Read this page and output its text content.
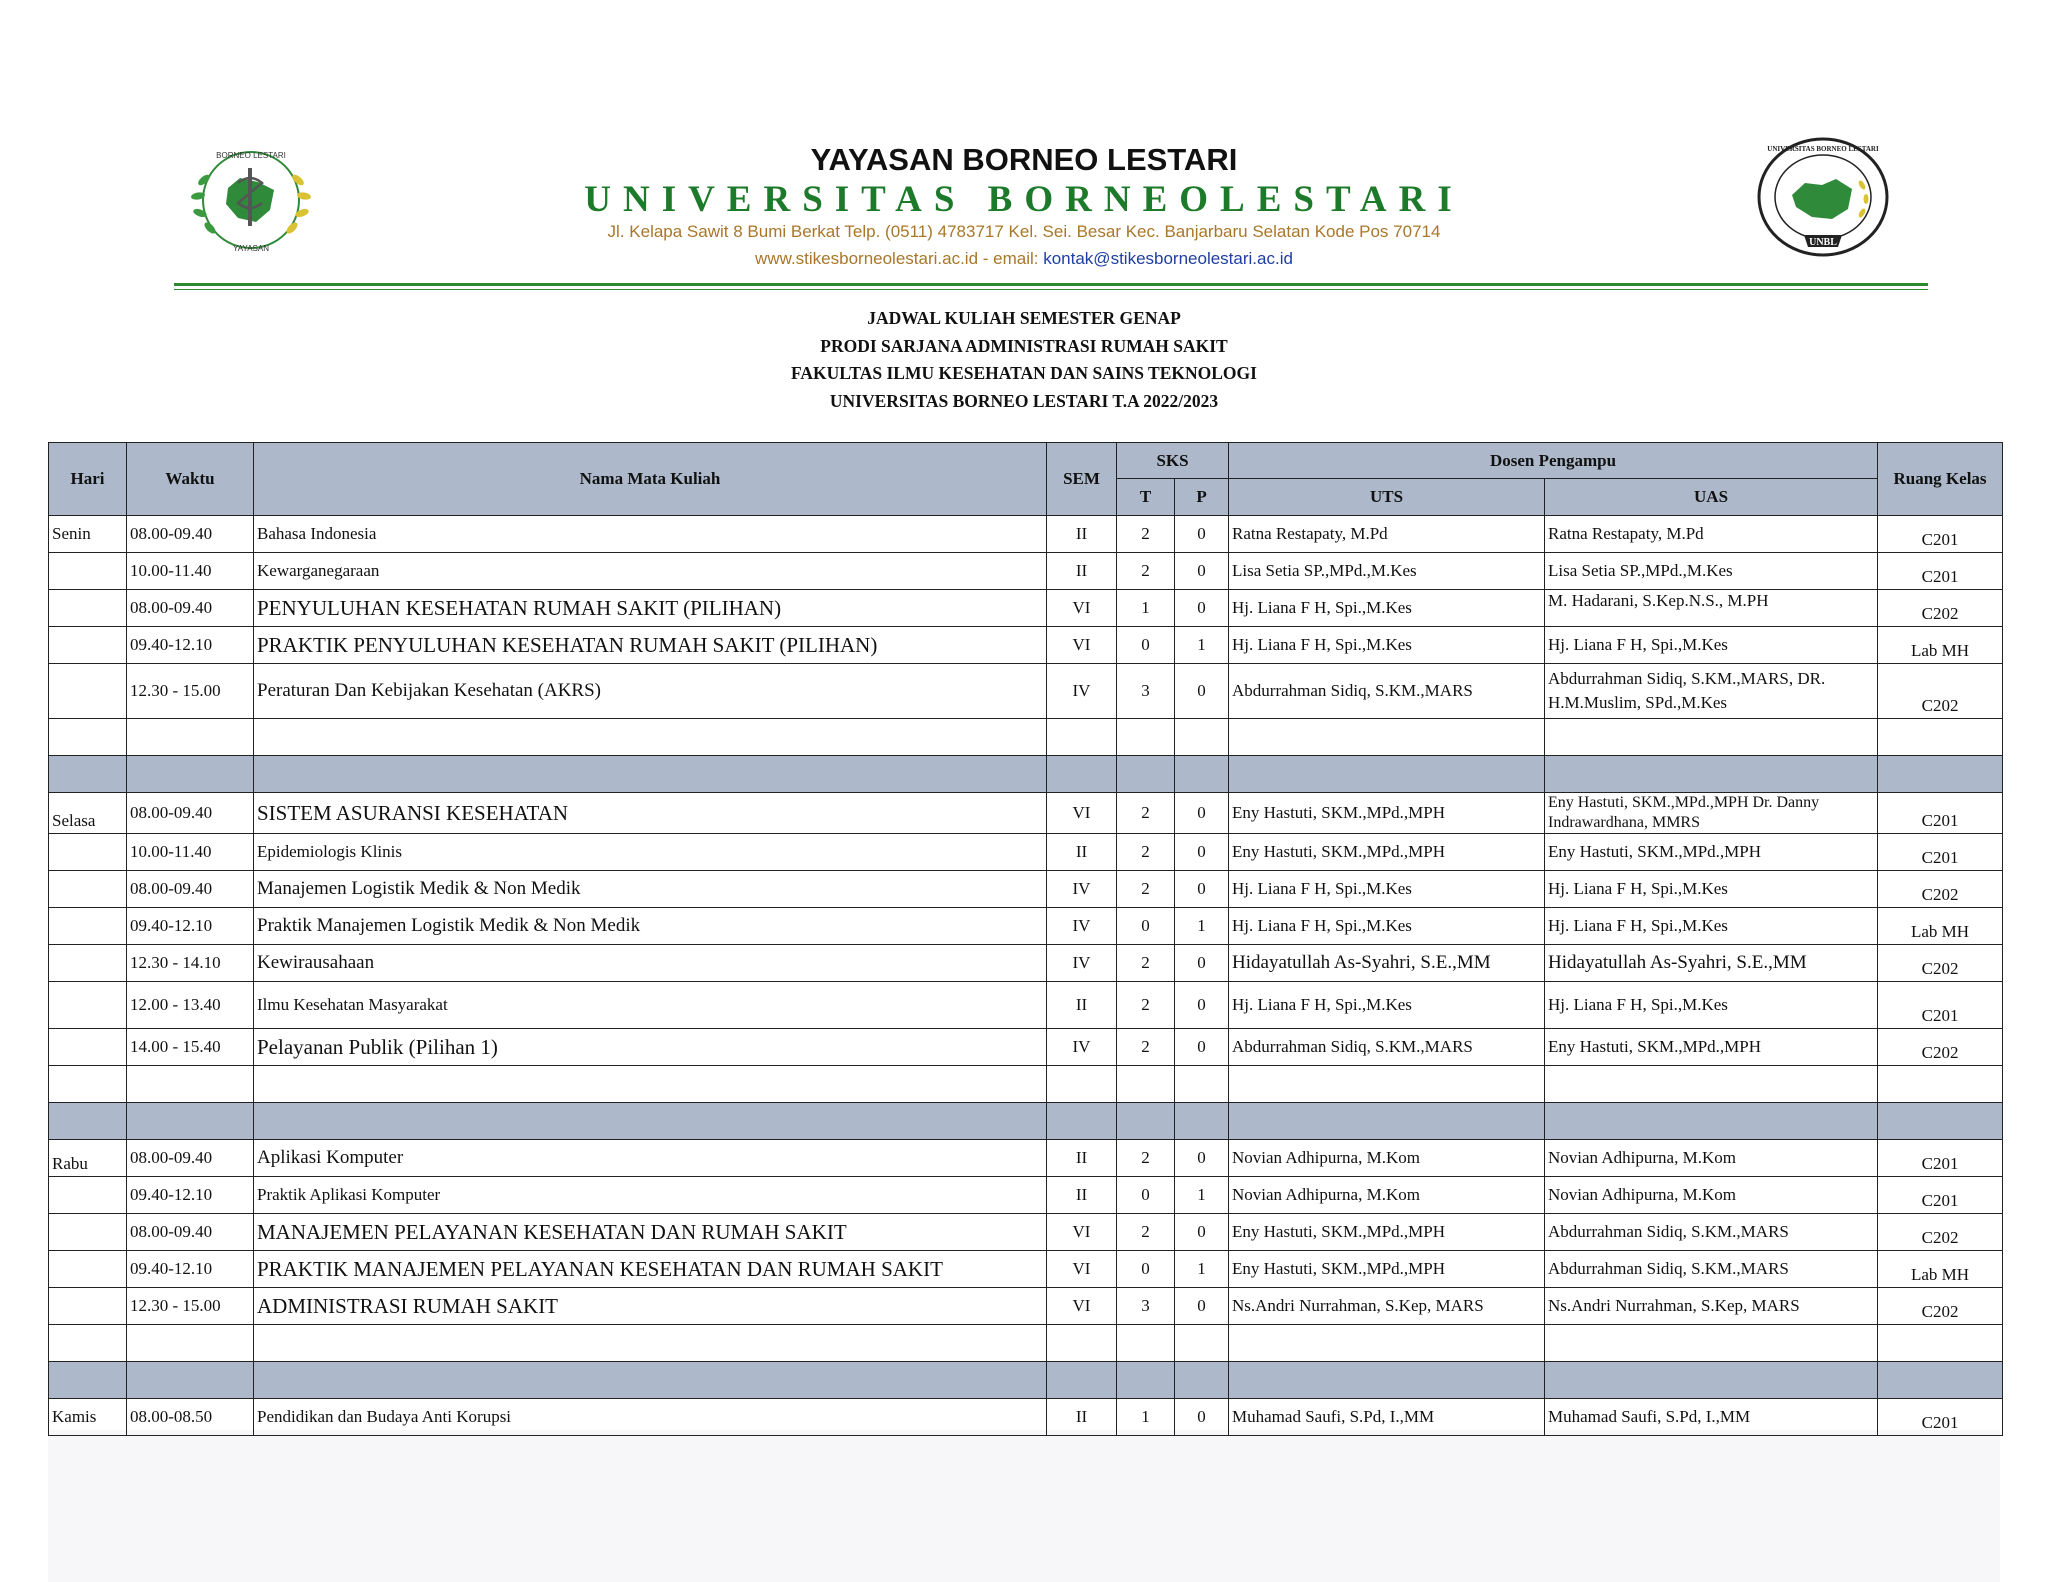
BORNEO LESTARI
YAYASAN
YAYASAN BORNEO LESTARI
UNIVERSITAS BORNEOLESTARI
Jl. Kelapa Sawit 8 Bumi Berkat Telp. (0511) 4783717 Kel. Sei. Besar Kec. Banjarbaru Selatan Kode Pos 70714
www.stikesborneolestari.ac.id - email: kontak@stikesborneolestari.ac.id
UNBL
UNIVERSITAS BORNEO LESTARI
JADWAL KULIAH SEMESTER GENAP
PRODI SARJANA ADMINISTRASI RUMAH SAKIT
FAKULTAS ILMU KESEHATAN DAN SAINS TEKNOLOGI
UNIVERSITAS BORNEO LESTARI T.A 2022/2023
Hari	Waktu	Nama Mata Kuliah	SEM	SKS		Dosen Pengampu		Ruang Kelas
				T	P	UTS	UAS	
Senin	08.00-09.40	Bahasa Indonesia	II	2	0	Ratna Restapaty, M.Pd	Ratna Restapaty, M.Pd	C201
	10.00-11.40	Kewarganegaraan	II	2	0	Lisa Setia SP.,MPd.,M.Kes	Lisa Setia SP.,MPd.,M.Kes	C201
	08.00-09.40	PENYULUHAN KESEHATAN RUMAH SAKIT (PILIHAN)	VI	1	0	Hj. Liana F H, Spi.,M.Kes	M. Hadarani, S.Kep.N.S., M.PH	C202
	09.40-12.10	PRAKTIK PENYULUHAN KESEHATAN RUMAH SAKIT (PILIHAN)	VI	0	1	Hj. Liana F H, Spi.,M.Kes	Hj. Liana F H, Spi.,M.Kes	Lab MH
	12.30 - 15.00	Peraturan Dan Kebijakan Kesehatan (AKRS)	IV	3	0	Abdurrahman Sidiq, S.KM.,MARS	Abdurrahman Sidiq, S.KM.,MARS, DR. H.M.Muslim, SPd.,M.Kes	C202

Selasa	08.00-09.40	SISTEM ASURANSI KESEHATAN	VI	2	0	Eny Hastuti, SKM.,MPd.,MPH	Eny Hastuti, SKM.,MPd.,MPH Dr. Danny Indrawardhana, MMRS	C201
	10.00-11.40	Epidemiologis Klinis	II	2	0	Eny Hastuti, SKM.,MPd.,MPH	Eny Hastuti, SKM.,MPd.,MPH	C201
	08.00-09.40	Manajemen Logistik Medik & Non Medik	IV	2	0	Hj. Liana F H, Spi.,M.Kes	Hj. Liana F H, Spi.,M.Kes	C202
	09.40-12.10	Praktik Manajemen Logistik Medik & Non Medik	IV	0	1	Hj. Liana F H, Spi.,M.Kes	Hj. Liana F H, Spi.,M.Kes	Lab MH
	12.30 - 14.10	Kewirausahaan	IV	2	0	Hidayatullah As-Syahri, S.E.,MM	Hidayatullah As-Syahri, S.E.,MM	C202
	12.00 - 13.40	Ilmu Kesehatan Masyarakat	II	2	0	Hj. Liana F H, Spi.,M.Kes	Hj. Liana F H, Spi.,M.Kes	C201
	14.00 - 15.40	Pelayanan Publik (Pilihan 1)	IV	2	0	Abdurrahman Sidiq, S.KM.,MARS	Eny Hastuti, SKM.,MPd.,MPH	C202

Rabu	08.00-09.40	Aplikasi Komputer	II	2	0	Novian Adhipurna, M.Kom	Novian Adhipurna, M.Kom	C201
	09.40-12.10	Praktik Aplikasi Komputer	II	0	1	Novian Adhipurna, M.Kom	Novian Adhipurna, M.Kom	C201
	08.00-09.40	MANAJEMEN PELAYANAN KESEHATAN DAN RUMAH SAKIT	VI	2	0	Eny Hastuti, SKM.,MPd.,MPH	Abdurrahman Sidiq, S.KM.,MARS	C202
	09.40-12.10	PRAKTIK MANAJEMEN PELAYANAN KESEHATAN DAN RUMAH SAKIT	VI	0	1	Eny Hastuti, SKM.,MPd.,MPH	Abdurrahman Sidiq, S.KM.,MARS	Lab MH
	12.30 - 15.00	ADMINISTRASI RUMAH SAKIT	VI	3	0	Ns.Andri Nurrahman, S.Kep, MARS	Ns.Andri Nurrahman, S.Kep, MARS	C202

Kamis	08.00-08.50	Pendidikan dan Budaya Anti Korupsi	II	1	0	Muhamad Saufi, S.Pd, I.,MM	Muhamad Saufi, S.Pd, I.,MM	C201
